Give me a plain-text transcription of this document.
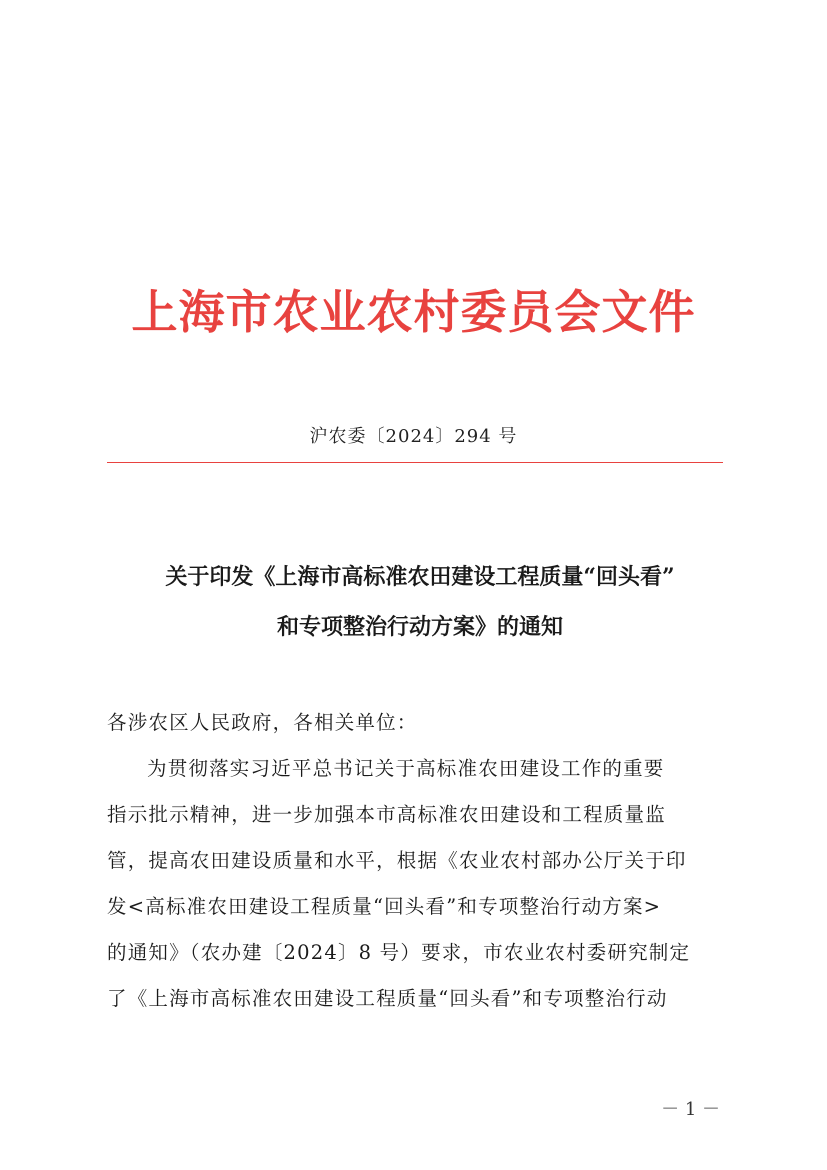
上海市农业农村委员会文件
沪农委〔2024〕294 号
关于印发《上海市高标准农田建设工程质量“回头看”
和专项整治行动方案》的通知
各涉农区人民政府，各相关单位：
为贯彻落实习近平总书记关于高标准农田建设工作的重要
指示批示精神，进一步加强本市高标准农田建设和工程质量监
管，提高农田建设质量和水平，根据《农业农村部办公厅关于印
发<高标准农田建设工程质量“回头看”和专项整治行动方案>
的通知》（农办建〔2024〕8 号）要求，市农业农村委研究制定
了《上海市高标准农田建设工程质量“回头看”和专项整治行动
－ 1 －
